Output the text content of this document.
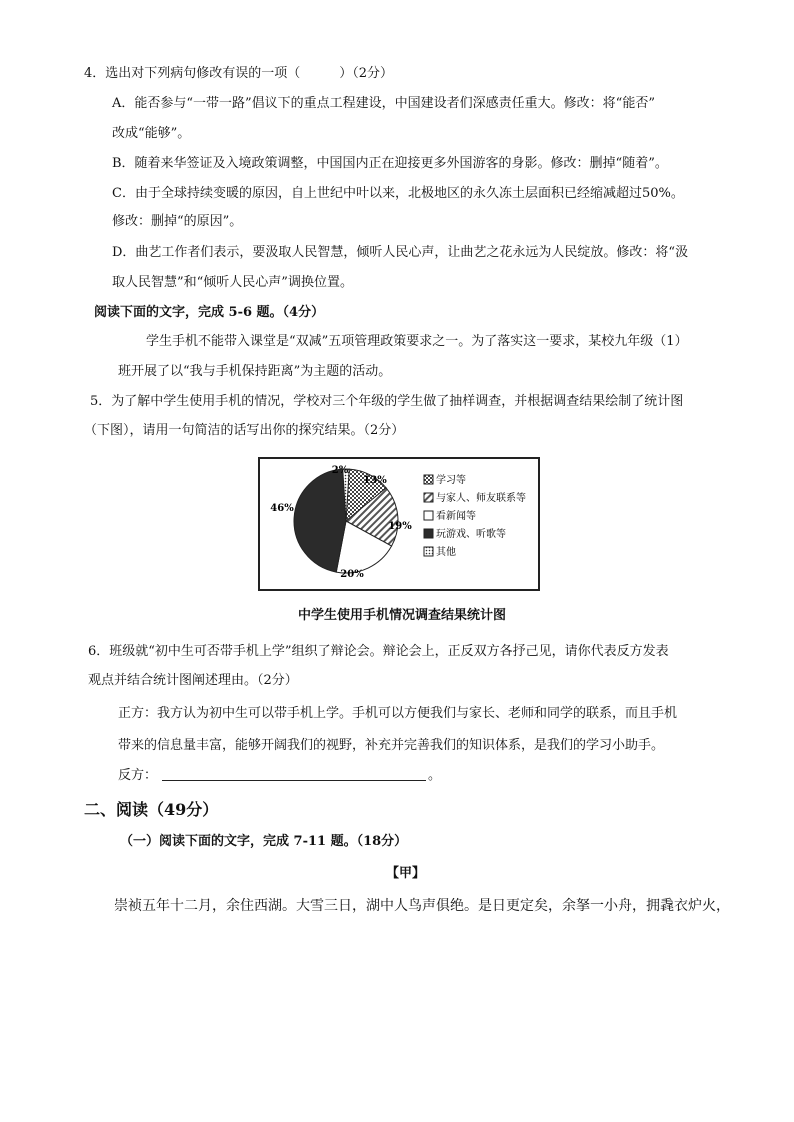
4．选出对下列病句修改有误的一项（　　　）（2分）
A．能否参与“一带一路”倡议下的重点工程建设，中国建设者们深感责任重大。修改：将“能否”
改成“能够”。
B．随着来华签证及入境政策调整，中国国内正在迎接更多外国游客的身影。修改：删掉“随着”。
C．由于全球持续变暖的原因，自上世纪中叶以来，北极地区的永久冻土层面积已经缩减超过50%。
修改：删掉“的原因”。
D．曲艺工作者们表示，要汲取人民智慧，倾听人民心声，让曲艺之花永远为人民绽放。修改：将“汲
取人民智慧”和“倾听人民心声”调换位置。
阅读下面的文字，完成 5-6 题。（4分）
学生手机不能带入课堂是“双减”五项管理政策要求之一。为了落实这一要求，某校九年级（1）
班开展了以“我与手机保持距离”为主题的活动。
5．为了解中学生使用手机的情况，学校对三个年级的学生做了抽样调查，并根据调查结果绘制了统计图
（下图），请用一句简洁的话写出你的探究结果。（2分）
13%
19%
20%
46%
2%
学习等
与家人、师友联系等
看新闻等
玩游戏、听歌等
其他
中学生使用手机情况调查结果统计图
6．班级就“初中生可否带手机上学”组织了辩论会。辩论会上，正反双方各抒己见，请你代表反方发表
观点并结合统计图阐述理由。（2分）
正方：我方认为初中生可以带手机上学。手机可以方便我们与家长、老师和同学的联系，而且手机
带来的信息量丰富，能够开阔我们的视野，补充并完善我们的知识体系，是我们的学习小助手。
反方：	。
二、阅读（49分）
（一）阅读下面的文字，完成 7-11 题。（18分）
【甲】
崇祯五年十二月，余住西湖。大雪三日，湖中人鸟声俱绝。是日更定矣，余拏一小舟，拥毳衣炉火，
